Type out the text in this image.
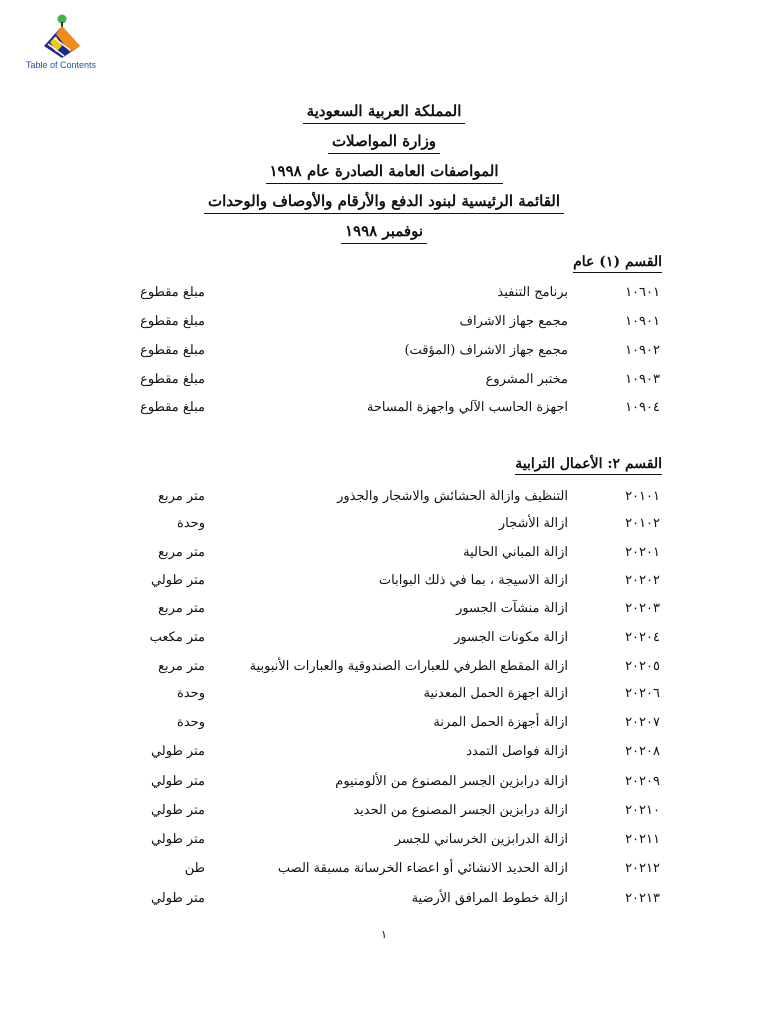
Table of Contents
المملكة العربية السعودية
وزارة المواصلات
المواصفات العامة الصادرة عام ١٩٩٨
القائمة الرئيسية لبنود الدفع والأرقام والأوصاف والوحدات
نوفمبر ١٩٩٨
القسم (١) عام
١٠٦٠١
برنامج التنفيذ
مبلغ مقطوع
١٠٩٠١
مجمع جهاز الاشراف
مبلغ مقطوع
١٠٩٠٢
مجمع جهاز الاشراف (المؤقت)
مبلغ مقطوع
١٠٩٠٣
مختبر المشروع
مبلغ مقطوع
١٠٩٠٤
اجهزة الحاسب الآلي واجهزة المساحة
مبلغ مقطوع
القسم ٢: الأعمال الترابية
٢٠١٠١
التنظيف وازالة الحشائش والاشجار والجذور
متر مربع
٢٠١٠٢
ازالة الأشجار
وحدة
٢٠٢٠١
ازالة المباني الحالية
متر مربع
٢٠٢٠٢
ازالة الاسيجة ، بما في ذلك البوابات
متر طولي
٢٠٢٠٣
ازالة منشآت الجسور
متر مربع
٢٠٢٠٤
ازالة مكونات الجسور
متر مكعب
٢٠٢٠٥
ازالة المقطع الطرفي للعبارات الصندوقية والعبارات الأنبوبية
متر مربع
٢٠٢٠٦
ازالة اجهزة الحمل المعدنية
وحدة
٢٠٢٠٧
ازالة أجهزة الحمل المرنة
وحدة
٢٠٢٠٨
ازالة فواصل التمدد
متر طولي
٢٠٢٠٩
ازالة درابزين الجسر المصنوع من الألومنيوم
متر طولي
٢٠٢١٠
ازالة درابزين الجسر المصنوع من الحديد
متر طولي
٢٠٢١١
ازالة الدرابزين الخرساني للجسر
متر طولي
٢٠٢١٢
ازالة الحديد الانشائي أو اعضاء الخرسانة مسبقة الصب
طن
٢٠٢١٣
ازالة خطوط المرافق الأرضية
متر طولي
١
